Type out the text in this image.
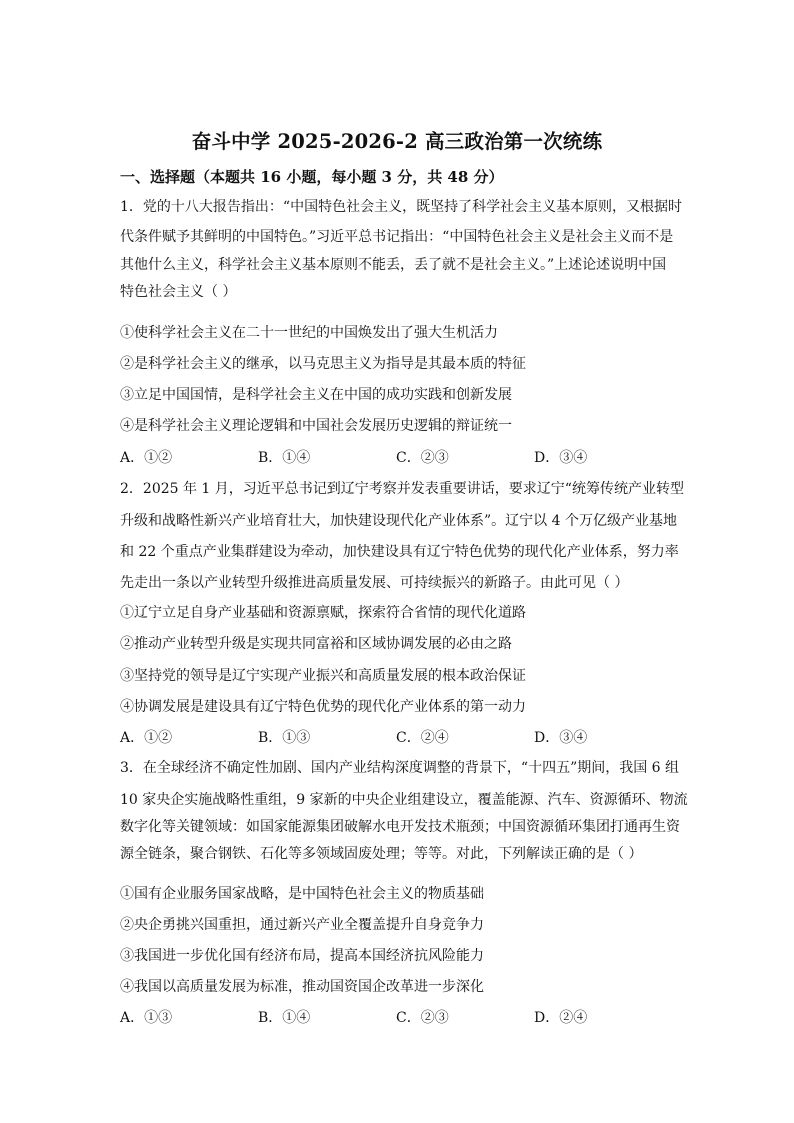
奋斗中学 2025-2026-2 高三政治第一次统练
一、选择题（本题共 16 小题，每小题 3 分，共 48 分）
1．党的十八大报告指出：“中国特色社会主义，既坚持了科学社会主义基本原则，又根据时
代条件赋予其鲜明的中国特色。”习近平总书记指出：“中国特色社会主义是社会主义而不是
其他什么主义，科学社会主义基本原则不能丢，丢了就不是社会主义。”上述论述说明中国
特色社会主义（ ）
①使科学社会主义在二十一世纪的中国焕发出了强大生机活力
②是科学社会主义的继承，以马克思主义为指导是其最本质的特征
③立足中国国情，是科学社会主义在中国的成功实践和创新发展
④是科学社会主义理论逻辑和中国社会发展历史逻辑的辩证统一
A．①②	B．①④	C．②③	D．③④
2．2025 年 1 月，习近平总书记到辽宁考察并发表重要讲话，要求辽宁“统筹传统产业转型
升级和战略性新兴产业培育壮大，加快建设现代化产业体系”。辽宁以 4 个万亿级产业基地
和 22 个重点产业集群建设为牵动，加快建设具有辽宁特色优势的现代化产业体系，努力率
先走出一条以产业转型升级推进高质量发展、可持续振兴的新路子。由此可见（ ）
①辽宁立足自身产业基础和资源禀赋，探索符合省情的现代化道路
②推动产业转型升级是实现共同富裕和区域协调发展的必由之路
③坚持党的领导是辽宁实现产业振兴和高质量发展的根本政治保证
④协调发展是建设具有辽宁特色优势的现代化产业体系的第一动力
A．①②	B．①③	C．②④	D．③④
3．在全球经济不确定性加剧、国内产业结构深度调整的背景下，“十四五”期间，我国 6 组
10 家央企实施战略性重组，9 家新的中央企业组建设立，覆盖能源、汽车、资源循环、物流
数字化等关键领域：如国家能源集团破解水电开发技术瓶颈；中国资源循环集团打通再生资
源全链条，聚合钢铁、石化等多领域固废处理；等等。对此，下列解读正确的是（ ）
①国有企业服务国家战略，是中国特色社会主义的物质基础
②央企勇挑兴国重担，通过新兴产业全覆盖提升自身竞争力
③我国进一步优化国有经济布局，提高本国经济抗风险能力
④我国以高质量发展为标准，推动国资国企改革进一步深化
A．①③	B．①④	C．②③	D．②④
